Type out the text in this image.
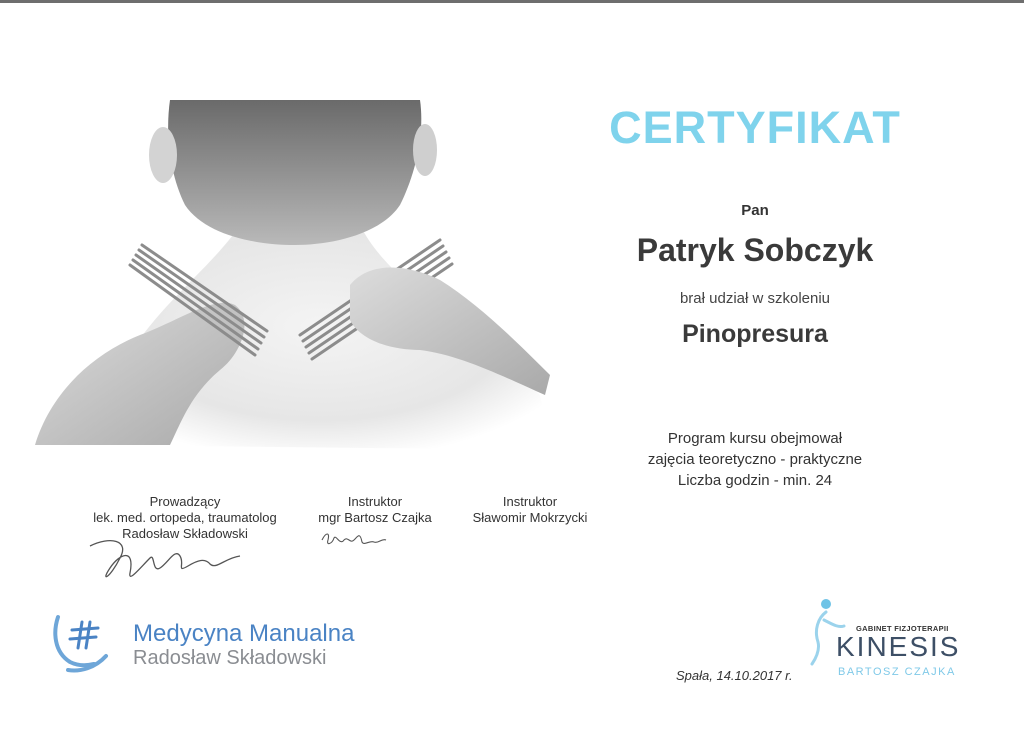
CERTYFIKAT
Pan
Patryk Sobczyk
brał udział w szkoleniu
Pinopresura
Program kursu obejmował
zajęcia teoretyczno - praktyczne
Liczba godzin - min. 24
Prowadzący
lek. med. ortopeda, traumatolog
Radosław Składowski
Instruktor
mgr Bartosz Czajka
Instruktor
Sławomir Mokrzycki
Medycyna Manualna
Radosław Składowski
Spała, 14.10.2017 r.
GABINET FIZJOTERAPII
KINESIS
BARTOSZ CZAJKA
